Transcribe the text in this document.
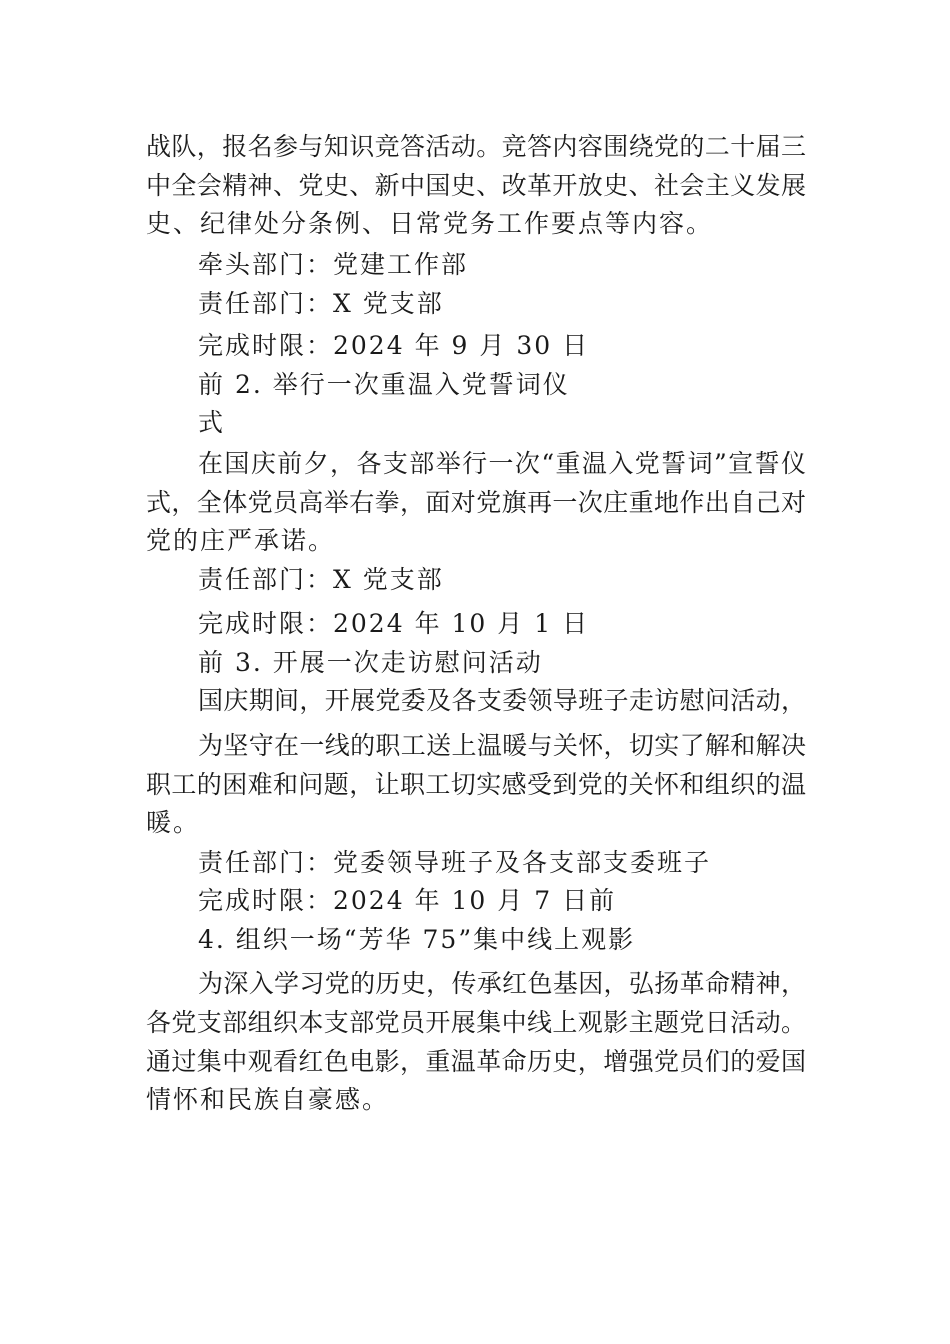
战队，报名参与知识竞答活动。竞答内容围绕党的二十届三
中全会精神、党史、新中国史、改革开放史、社会主义发展
史、纪律处分条例、日常党务工作要点等内容。
牵头部门：党建工作部
责任部门：X 党支部
完成时限：2024 年 9 月 30 日
前 2. 举行一次重温入党誓词仪
式
在国庆前夕，各支部举行一次“重温入党誓词”宣誓仪
式，全体党员高举右拳，面对党旗再一次庄重地作出自己对
党的庄严承诺。
责任部门：X 党支部
完成时限：2024 年 10 月 1 日
前 3. 开展一次走访慰问活动
国庆期间，开展党委及各支委领导班子走访慰问活动，
为坚守在一线的职工送上温暖与关怀，切实了解和解决
职工的困难和问题，让职工切实感受到党的关怀和组织的温
暖。
责任部门：党委领导班子及各支部支委班子
完成时限：2024 年 10 月 7 日前
4. 组织一场“芳华 75”集中线上观影
为深入学习党的历史，传承红色基因，弘扬革命精神，
各党支部组织本支部党员开展集中线上观影主题党日活动。
通过集中观看红色电影，重温革命历史，增强党员们的爱国
情怀和民族自豪感。
